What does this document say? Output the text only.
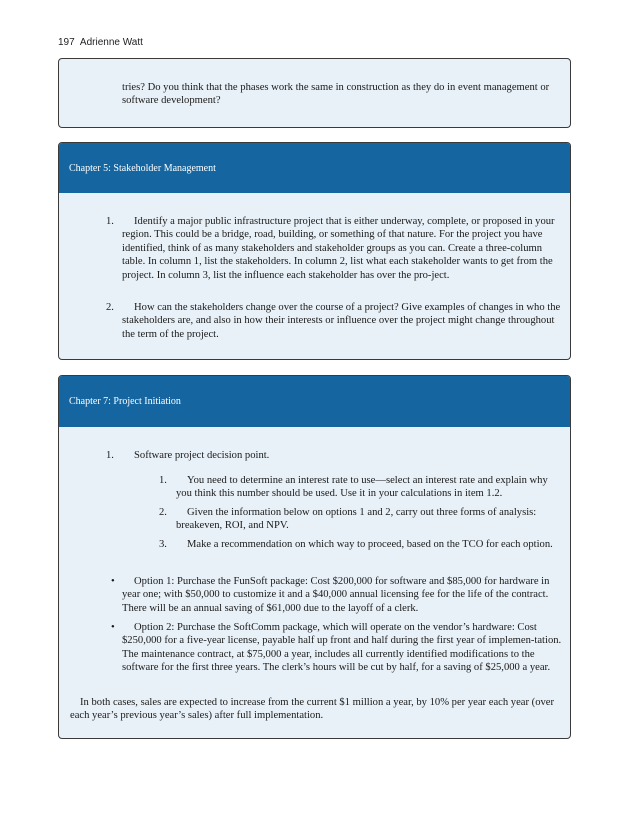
197 Adrienne Watt
tries? Do you think that the phases work the same in construction as they do in event management or software development?
Chapter 5: Stakeholder Management
1.	Identify a major public infrastructure project that is either underway, complete, or proposed in your region. This could be a bridge, road, building, or something of that nature. For the project you have identified, think of as many stakeholders and stakeholder groups as you can. Create a three-column table. In column 1, list the stakeholders. In column 2, list what each stakeholder wants to get from the project. In column 3, list the influence each stakeholder has over the pro-ject.
2.	How can the stakeholders change over the course of a project? Give examples of changes in who the stakeholders are, and also in how their interests or influence over the project might change throughout the term of the project.
Chapter 7: Project Initiation
1. Software project decision point.
1.	You need to determine an interest rate to use—select an interest rate and explain why you think this number should be used. Use it in your calculations in item 1.2.
2.	Given the information below on options 1 and 2, carry out three forms of analysis: breakeven, ROI, and NPV.
3.	Make a recommendation on which way to proceed, based on the TCO for each option.
•	Option 1: Purchase the FunSoft package: Cost $200,000 for software and $85,000 for hardware in year one; with $50,000 to customize it and a $40,000 annual licensing fee for the life of the contract. There will be an annual saving of $61,000 due to the layoff of a clerk.
•	Option 2: Purchase the SoftComm package, which will operate on the vendor’s hardware: Cost $250,000 for a five-year license, payable half up front and half during the first year of implemen-tation. The maintenance contract, at $75,000 a year, includes all currently identified modifications to the software for the first three years. The clerk’s hours will be cut by half, for a saving of $25,000 a year.
In both cases, sales are expected to increase from the current $1 million a year, by 10% per year each year (over each year’s previous year’s sales) after full implementation.
